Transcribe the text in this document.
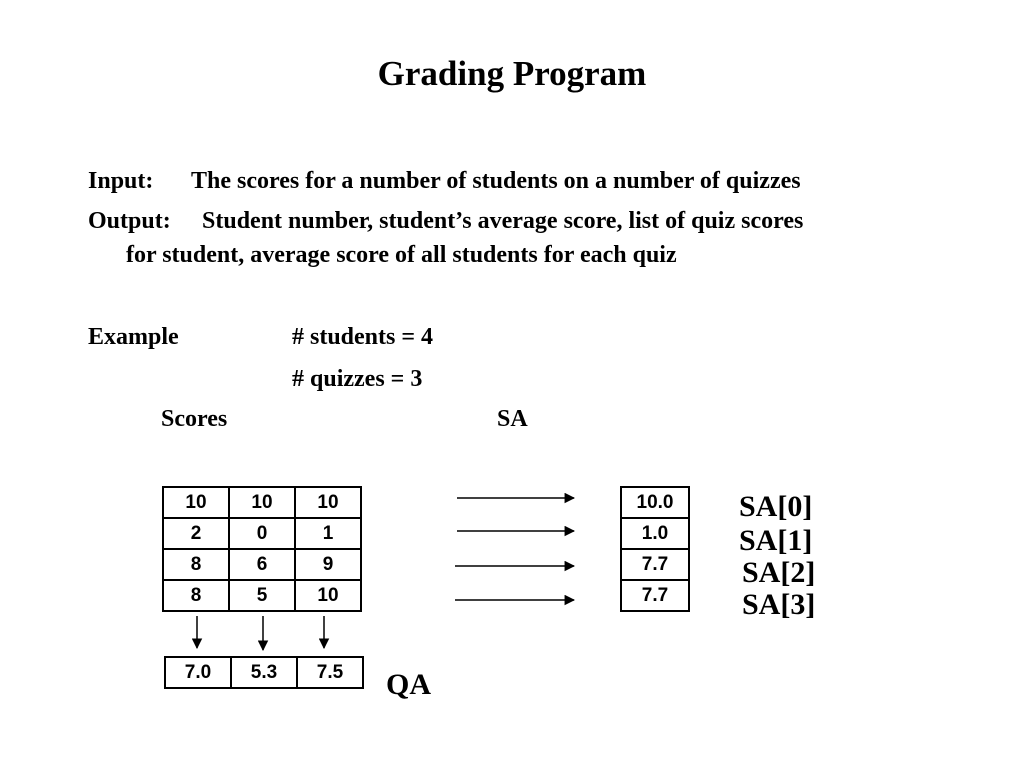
Grading Program
Input: The scores for a number of students on a number of quizzes
Output: Student number, student’s average score, list of quiz scores
for student, average score of all students for each quiz
Example	# students = 4
# quizzes = 3
Scores	SA
10	10	10
2	0	1
8	6	9
8	5	10
10.0
1.0
7.7
7.7
7.0	5.3	7.5
SA[0]
SA[1]
SA[2]
SA[3]
QA
